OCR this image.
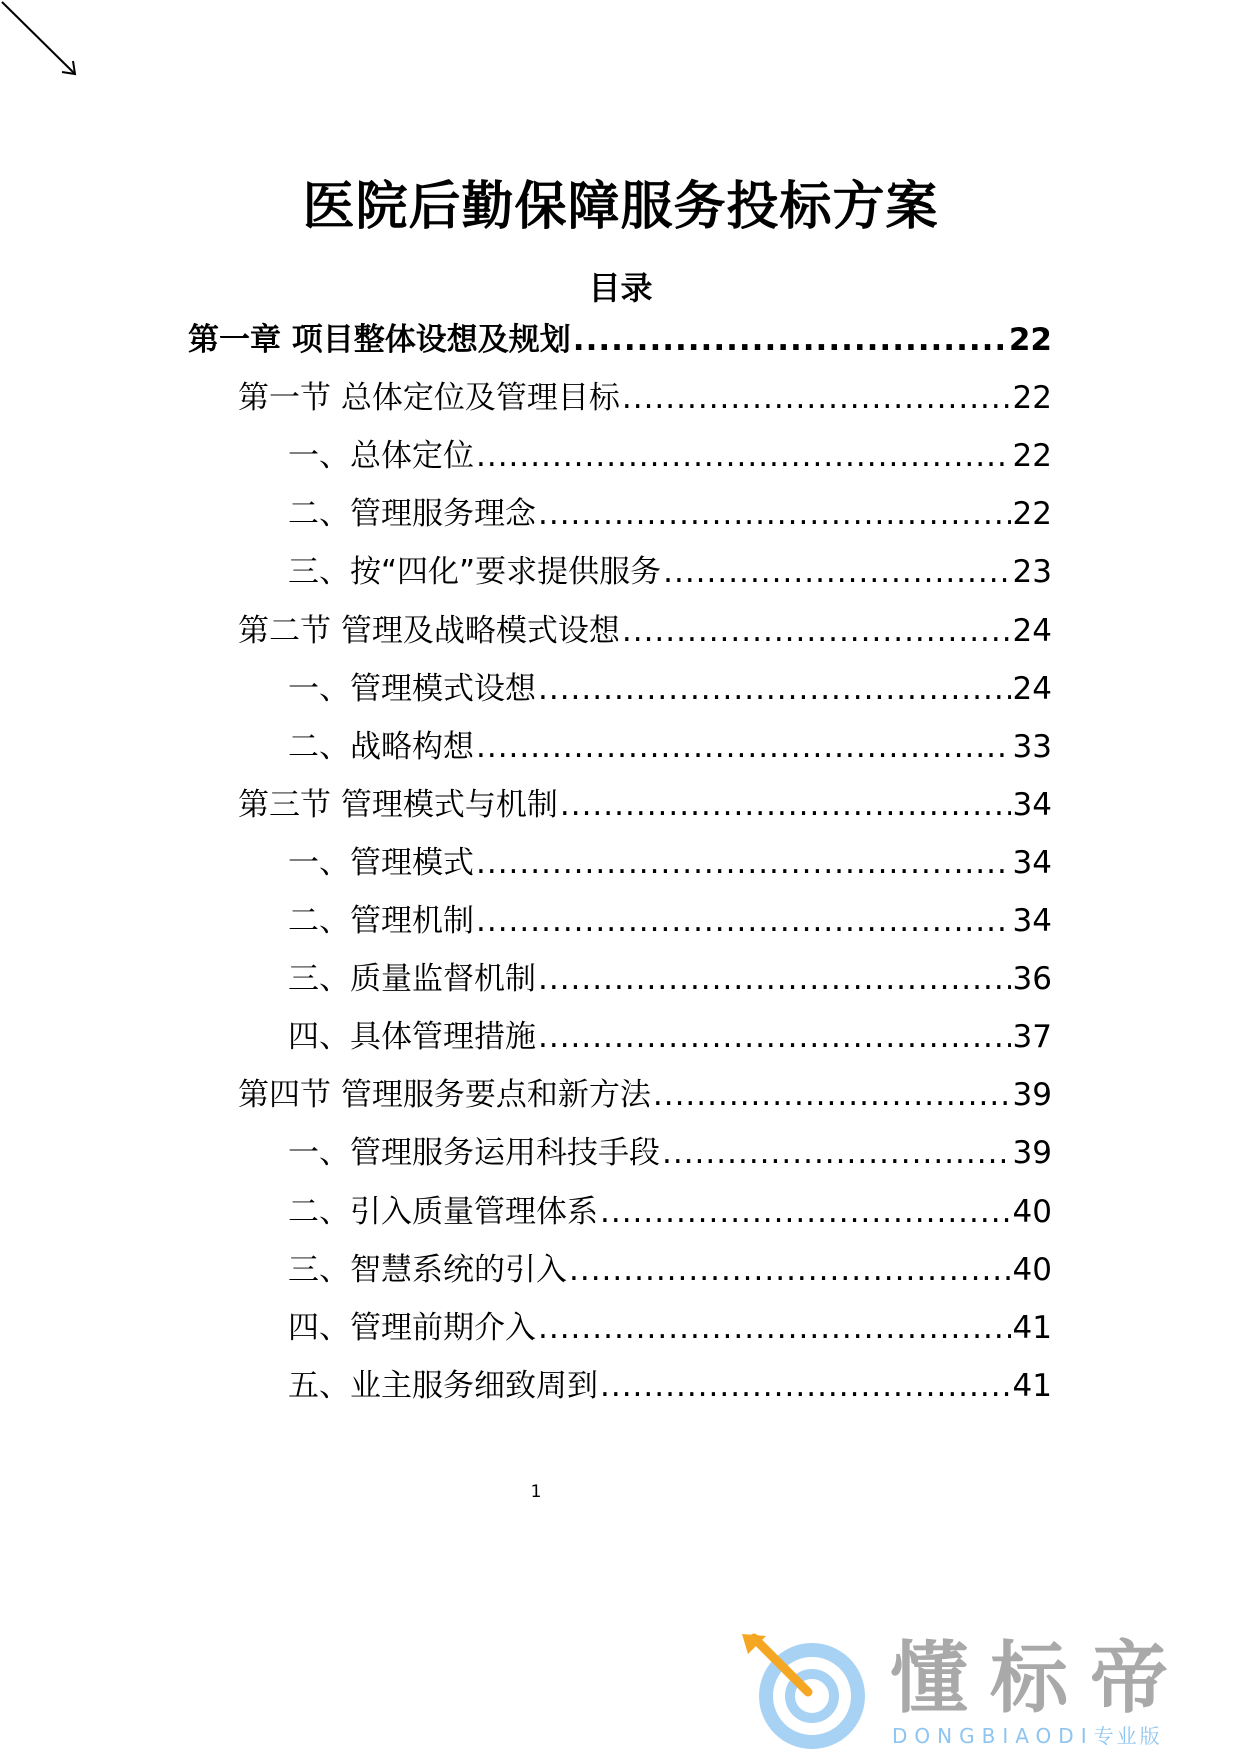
医院后勤保障服务投标方案
目录
第一章 项目整体设想及规划 .....	22
第一节 总体定位及管理目标 .....	22
一、总体定位 .....	22
二、管理服务理念 .....	22
三、按“四化”要求提供服务 .....	23
第二节 管理及战略模式设想 .....	24
一、管理模式设想 .....	24
二、战略构想 .....	33
第三节 管理模式与机制 .....	34
一、管理模式 .....	34
二、管理机制 .....	34
三、质量监督机制 .....	36
四、具体管理措施 .....	37
第四节 管理服务要点和新方法 .....	39
一、管理服务运用科技手段 .....	39
二、引入质量管理体系 .....	40
三、智慧系统的引入 .....	40
四、管理前期介入 .....	41
五、业主服务细致周到 .....	41
1
懂标帝
DONGBIAODI专业版
